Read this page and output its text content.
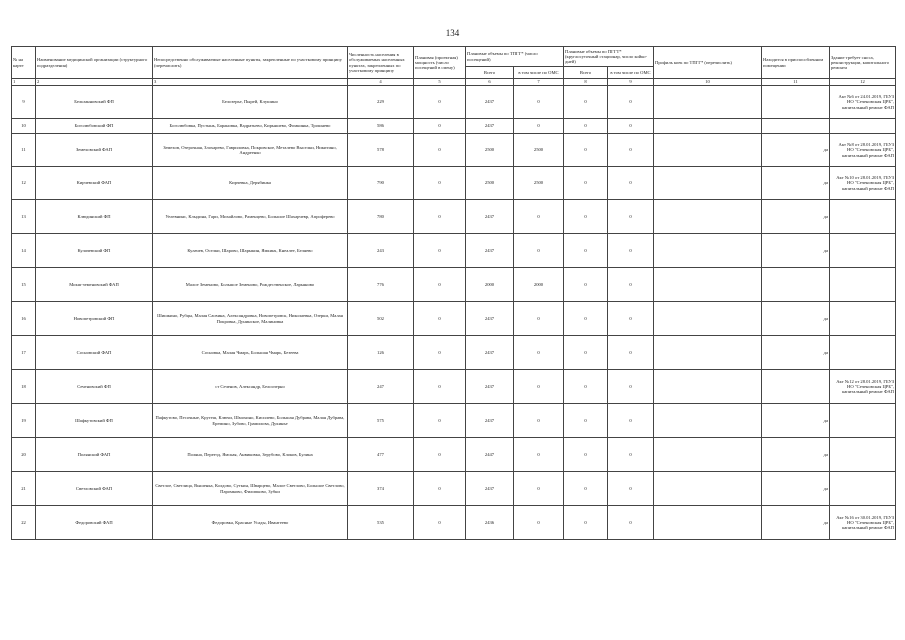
134
№ на карте	Наименование медицинской организации (структурного подразделения)	Непосредственно обслуживаемые населенные пункты, закрепленные по участковому принципу (перечислить)	Численность населения в обслуживаемых населенных пунктах, закрепленных по участковому принципу	Плановая (проектная) мощность (число посещений в смену)	Плановые объемы по ТПГГ* (число посещений)		Плановые объемы по ПГГТ* (круглосуточный стационар, число койко-дней)		Профиль коек по ТПГГ* (перечислить)	Находится в приспособленном помещении	Здание требует сноса, реконструкции, капитального ремонта
					Всего	в том числе по ОМС	Всего	в том числе по ОМС			
1	2	3	4	5	6	7	8	9	10	11	12
9	Бельзанновский ФП	Белозерье, Пырей, Клушино	229	0	2437	0	0	0			Акт №6 от 24.01.2019, ГБУЗ НО "Сеченовская ЦРБ", капитальный ремонт ФАП
10	Боголюбовский ФП	Боголюбовка, Пустынь, Барановка, Вадратьево, Кирьяшево, Фомкинка, Трошнево	586	0	2437	0	0	0			
11	Земеховский ФАП	Земехов, Озерочная, Злохарево, Гавриловка, Покровское, Металево Выселки, Никитино, Андреенко	578	0	2500	2500	0	0		да	Акт №8 от 28.01.2019, ГБУЗ НО "Сеченовская ЦРБ", капитальный ремонт ФАП
12	Кирчевский ФАП	Кирчевка, Дерябинка	790	0	2500	2500	0	0		да	Акт №10 от 28.01.2019, ГБУЗ НО "Сеченовская ЦРБ", капитальный ремонт ФАП
13	Клюдинский ФП	Уелевнинс, Клыдина, Гари, Михайлово, Раменцево, Большое Шахарчевр, Апроферево	780	0	2437	0	0	0		да	
14	Кулачевский ФП	Кулачев, Оселки, Шарово, Шарыкин, Ямкинs, Кнеалее, Беляево	243	0	2437	0	0	0		да	
15	Мокш-земеновский ФАП	Малое Земеново, Большое Земеново, Рождественское, Ларьяново	776	0	2000	2000	0	0			
16	Новопетровский ФП	Шишкино, Рубцы, Малая Сасвина, Александровка, Новопетровск, Николаевка, Озерки, Малая Покровка, Дунинское, Малиновка	502	0	2437	0	0	0		да	
17	Сосновский ФАП	Сосновка, Малая Чмарь, Большая Чмарь, Безеева	126	0	2437	0	0	0		да	
18	Сеченовский ФП	ст Сеченов, Александр, Белоозерно	247	0	2437	0	0	0			Акт №12 от 28.01.2019, ГБУЗ НО "Сеченовская ЦРБ", капитальный ремонт ФАП
19	Шафкутовский ФП	Пафкутово, Песочные, Кругеш, Ключи, Шмохино, Кисилево, Большая Дубрава, Малая Дубрава, Еремино, Зубово, Грамилова, Дукинье	575	0	2437	0	0	0		да	
20	Полянский ФАП	Поляна, Переезд, Ямская, Анвиковка, Зерубово, Клоков, Булина	477	0	2447	0	0	0		да	
21	Светловский ФАП	Светлое, Светлица, Вышенка, Колдово, Суткин, Шварцево, Малое Светлово, Большое Светлово, Паромково, Филипково, Зубки	374	0	2437	0	0	0		да	
22	Федоровский ФАП	Федоровка, Красные Усады, Ивантеево	535	0	2436	0	0	0		да	Акт №16 от 30.01.2019, ГБУЗ НО "Сеченовская ЦРБ", капитальный ремонт ФАП
